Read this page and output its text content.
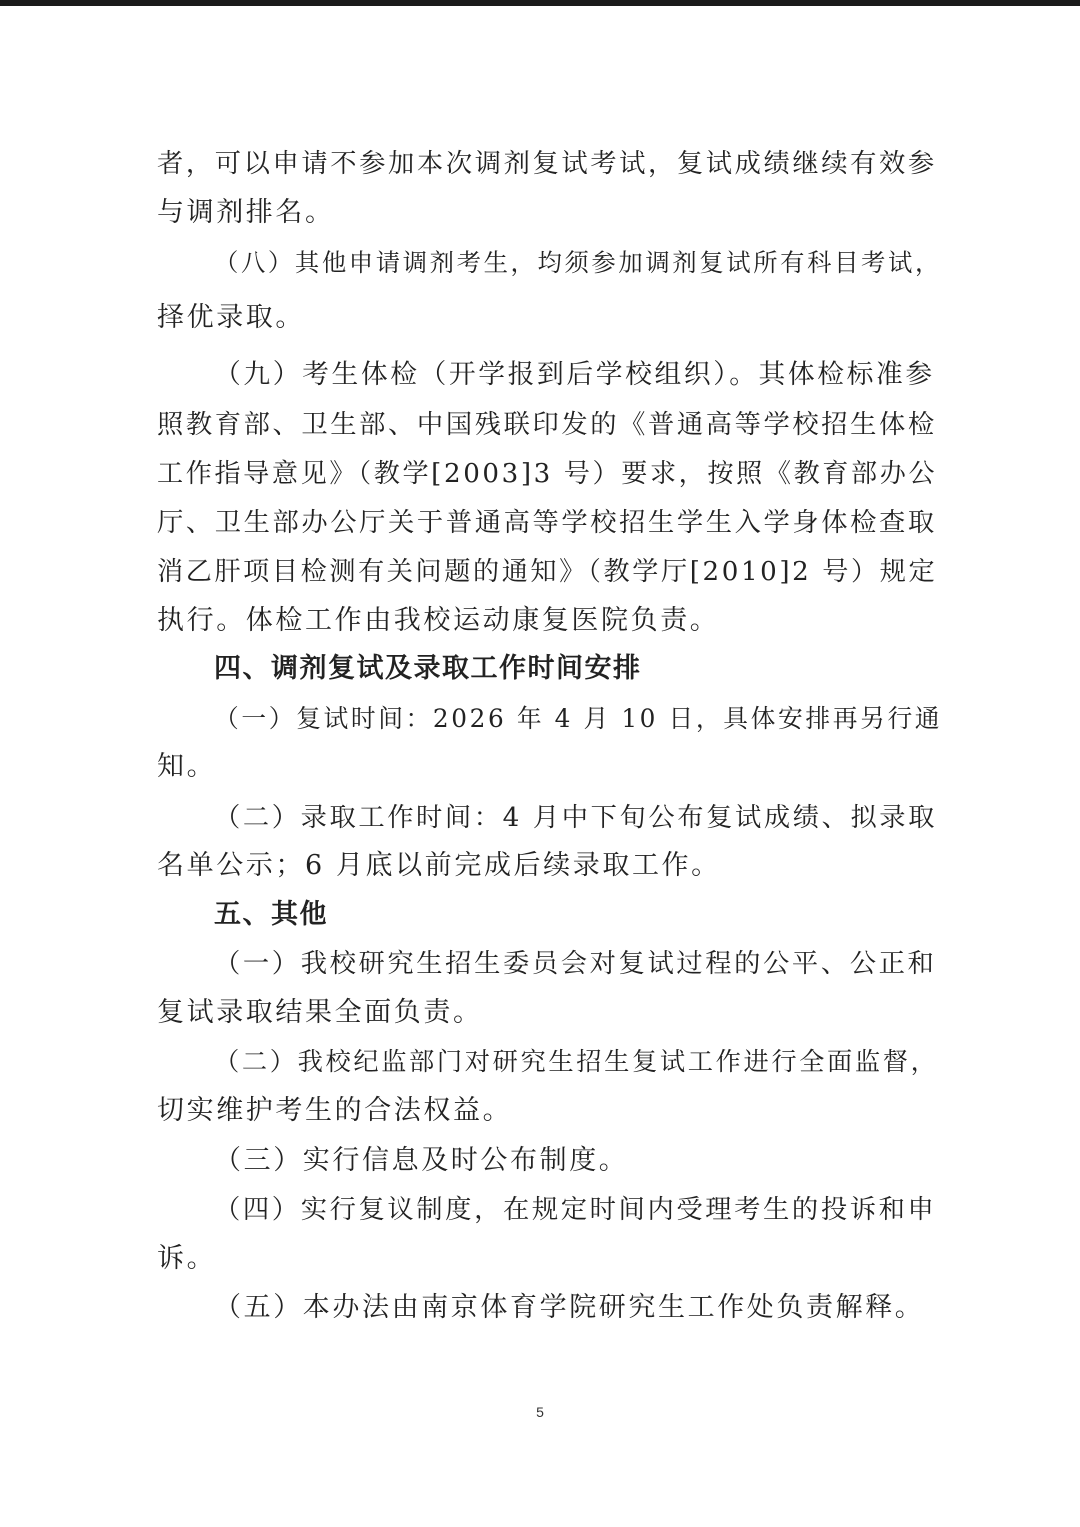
者，可以申请不参加本次调剂复试考试，复试成绩继续有效参
与调剂排名。
（八）其他申请调剂考生，均须参加调剂复试所有科目考试，
择优录取。
（九）考生体检（开学报到后学校组织）。其体检标准参
照教育部、卫生部、中国残联印发的《普通高等学校招生体检
工作指导意见》（教学[2003]3 号）要求，按照《教育部办公
厅、卫生部办公厅关于普通高等学校招生学生入学身体检查取
消乙肝项目检测有关问题的通知》（教学厅[2010]2 号）规定
执行。体检工作由我校运动康复医院负责。
四、调剂复试及录取工作时间安排
（一）复试时间：2026 年 4 月 10 日，具体安排再另行通
知。
（二）录取工作时间：4 月中下旬公布复试成绩、拟录取
名单公示；6 月底以前完成后续录取工作。
五、其他
（一）我校研究生招生委员会对复试过程的公平、公正和
复试录取结果全面负责。
（二）我校纪监部门对研究生招生复试工作进行全面监督，
切实维护考生的合法权益。
（三）实行信息及时公布制度。
（四）实行复议制度，在规定时间内受理考生的投诉和申
诉。
（五）本办法由南京体育学院研究生工作处负责解释。
5
